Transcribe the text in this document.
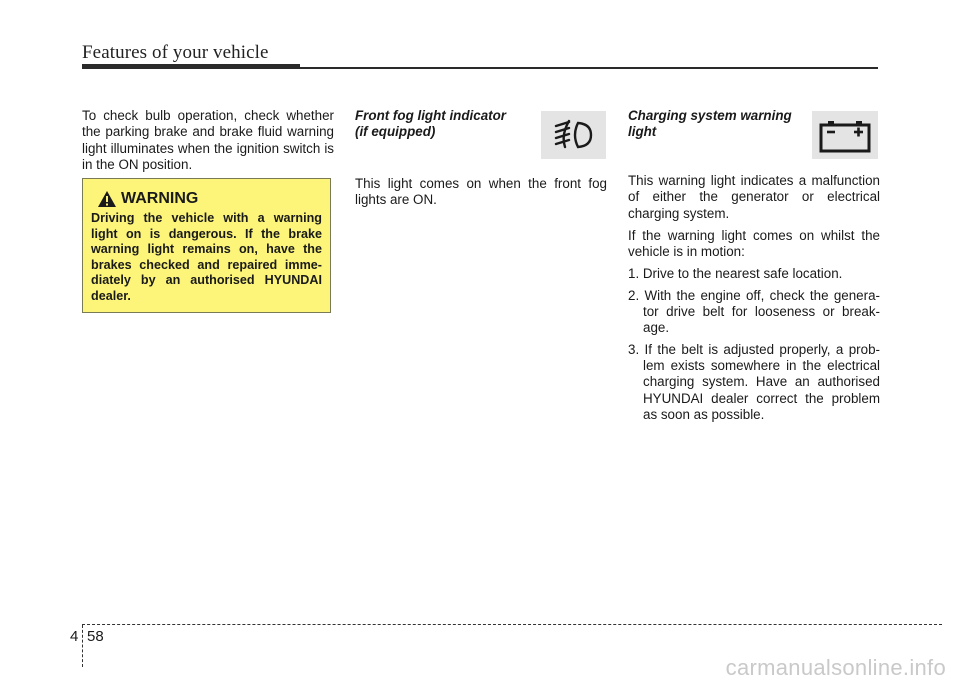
Features of your vehicle

To check bulb operation, check whether the parking brake and brake fluid warning light illuminates when the ignition switch is in the ON position.

WARNING
Driving the vehicle with a warning light on is dangerous. If the brake warning light remains on, have the brakes checked and repaired imme-diately by an authorised HYUNDAI dealer.

Front fog light indicator
(if equipped)

This light comes on when the front fog lights are ON.

Charging system warning
light

This warning light indicates a malfunction of either the generator or electrical charging system.

If the warning light comes on whilst the vehicle is in motion:

1. Drive to the nearest safe location.
2. With the engine off, check the genera-tor drive belt for looseness or break-age.
3. If the belt is adjusted properly, a prob-lem exists somewhere in the electrical charging system. Have an authorised HYUNDAI dealer correct the problem as soon as possible.
4 58
carmanualsonline.info
